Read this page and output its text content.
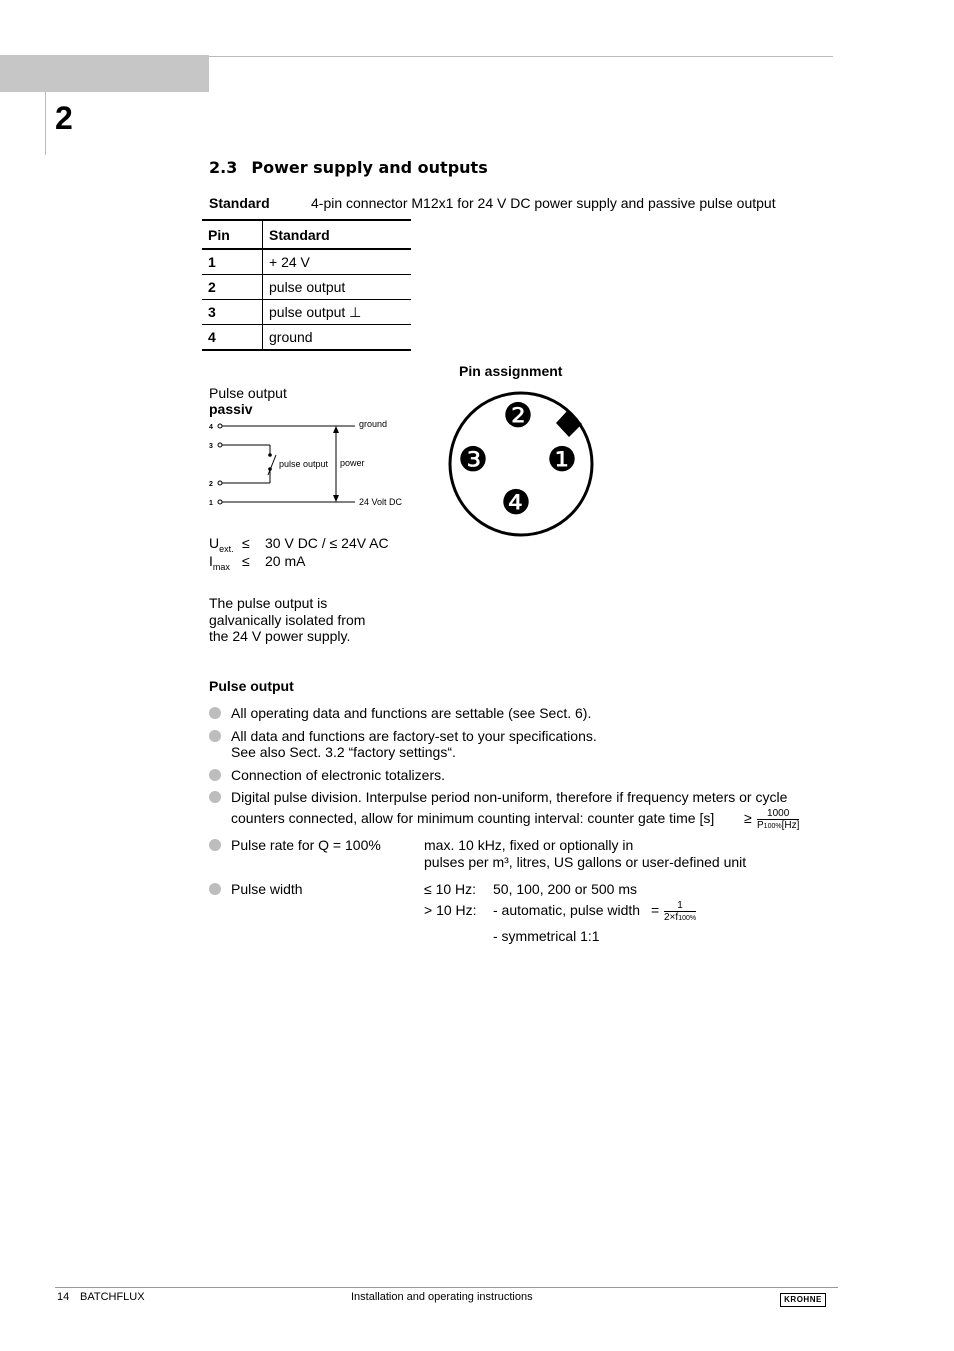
2
2.3 Power supply and outputs
Standard	4-pin connector M12x1 for 24 V DC power supply and passive pulse output
Pin	Standard
1	+ 24 V
2	pulse output
3	pulse output ⊥
4	ground
Pulse output
passiv
4
3
2
1
ground
pulse output power
24 Volt DC
Pin assignment
❷
❸ ❶
❹
$U_{ext.} \le 30$ V DC / ≤ 24V AC
$I_{max} \le 20$ mA
The pulse output is
galvanically isolated from
the 24 V power supply.
Pulse output
All operating data and functions are settable (see Sect. 6).
All data and functions are factory-set to your specifications.
See also Sect. 3.2 “factory settings“.
Connection of electronic totalizers.
Digital pulse division. Interpulse period non-uniform, therefore if frequency meters or cycle
counters connected, allow for minimum counting interval: counter gate time $[s] \ge \frac{1000}{P100\%[Hz]}$
Pulse rate for Q = 100%	max. 10 kHz, fixed or optionally in
pulses per m³, litres, US gallons or user-defined unit
Pulse width	≤ 10 Hz: 50, 100, 200 or 500 ms
> 10 Hz: - automatic, pulse width = $\frac{1}{2\times f100\%}$
- symmetrical 1:1
14 BATCHFLUX	Installation and operating instructions	KROHNE
